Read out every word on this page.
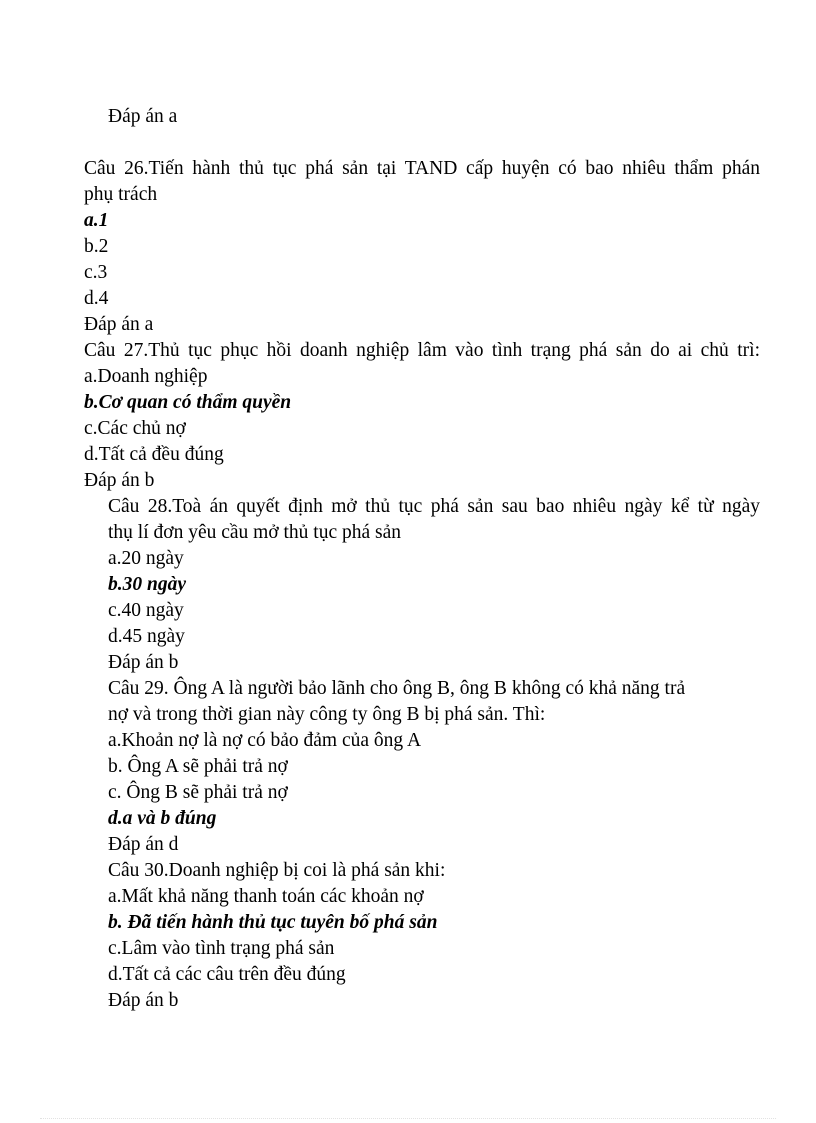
Đáp án a
Câu 26.Tiến hành thủ tục phá sản tại TAND cấp huyện có bao nhiêu thẩm phán
phụ trách
a.1
b.2
c.3
d.4
Đáp án a
Câu 27.Thủ tục phục hồi doanh nghiệp lâm vào tình trạng phá sản do ai chủ trì:
a.Doanh nghiệp
b.Cơ quan có thẩm quyền
c.Các chủ nợ
d.Tất cả đều đúng
Đáp án b
Câu 28.Toà án quyết định mở thủ tục phá sản sau bao nhiêu ngày kể từ ngày
thụ lí đơn yêu cầu mở thủ tục phá sản
a.20 ngày
b.30 ngày
c.40 ngày
d.45 ngày
Đáp án b
Câu 29. Ông A là người bảo lãnh cho ông B, ông B không có khả năng trả
nợ và trong thời gian này công ty ông B bị phá sản. Thì:
a.Khoản nợ là nợ có bảo đảm của ông A
b. Ông A sẽ phải trả nợ
c. Ông B sẽ phải trả nợ
d.a và b đúng
Đáp án d
Câu 30.Doanh nghiệp bị coi là phá sản khi:
a.Mất khả năng thanh toán các khoản nợ
b. Đã tiến hành thủ tục tuyên bố phá sản
c.Lâm vào tình trạng phá sản
d.Tất cả các câu trên đều đúng
Đáp án b
